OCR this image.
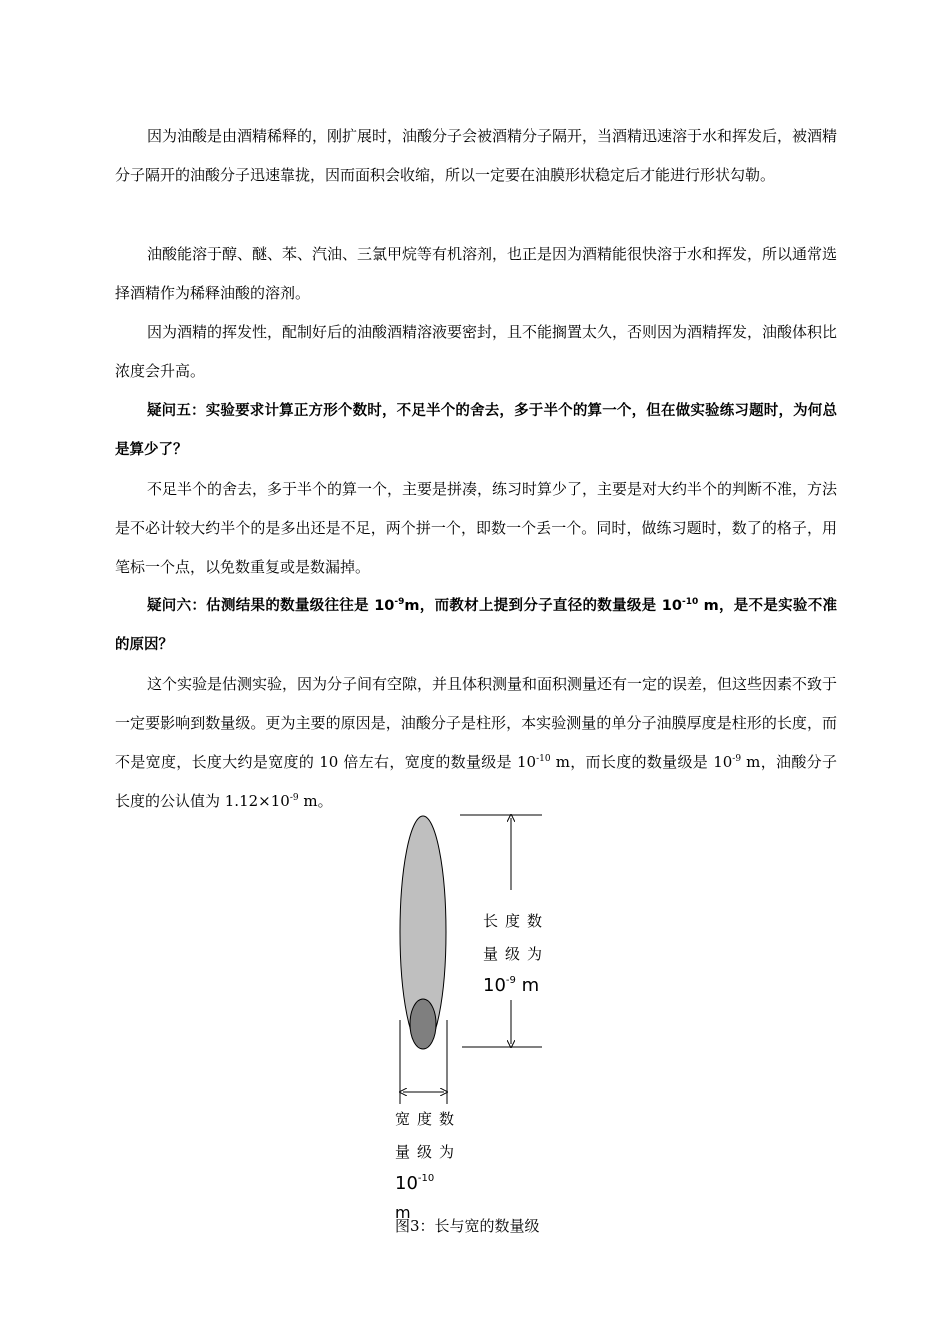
因为油酸是由酒精稀释的，刚扩展时，油酸分子会被酒精分子隔开，当酒精迅速溶于水和挥发后，被酒精分子隔开的油酸分子迅速靠拢，因而面积会收缩，所以一定要在油膜形状稳定后才能进行形状勾勒。

油酸能溶于醇、醚、苯、汽油、三氯甲烷等有机溶剂，也正是因为酒精能很快溶于水和挥发，所以通常选择酒精作为稀释油酸的溶剂。

因为酒精的挥发性，配制好后的油酸酒精溶液要密封，且不能搁置太久，否则因为酒精挥发，油酸体积比浓度会升高。

疑问五：实验要求计算正方形个数时，不足半个的舍去，多于半个的算一个，但在做实验练习题时，为何总是算少了？

不足半个的舍去，多于半个的算一个，主要是拼凑，练习时算少了，主要是对大约半个的判断不准，方法是不必计较大约半个的是多出还是不足，两个拼一个，即数一个丢一个。同时，做练习题时，数了的格子，用笔标一个点，以免数重复或是数漏掉。

疑问六：估测结果的数量级往往是 $10^{-9}m$，而教材上提到分子直径的数量级是 $10^{-10}$ m，是不是实验不准的原因？

这个实验是估测实验，因为分子间有空隙，并且体积测量和面积测量还有一定的误差，但这些因素不致于一定要影响到数量级。更为主要的原因是，油酸分子是柱形，本实验测量的单分子油膜厚度是柱形的长度，而不是宽度，长度大约是宽度的 10 倍左右，宽度的数量级是 $10^{-10}$ m，而长度的数量级是 $10^{-9}$ m，油酸分子长度的公认值为 $1.12\times 10^{-9}$ m。

长度数
量级为
$10^{-9}$ m
宽度数
量级为
$10^{-10}$
m
图3：长与宽的数量级
